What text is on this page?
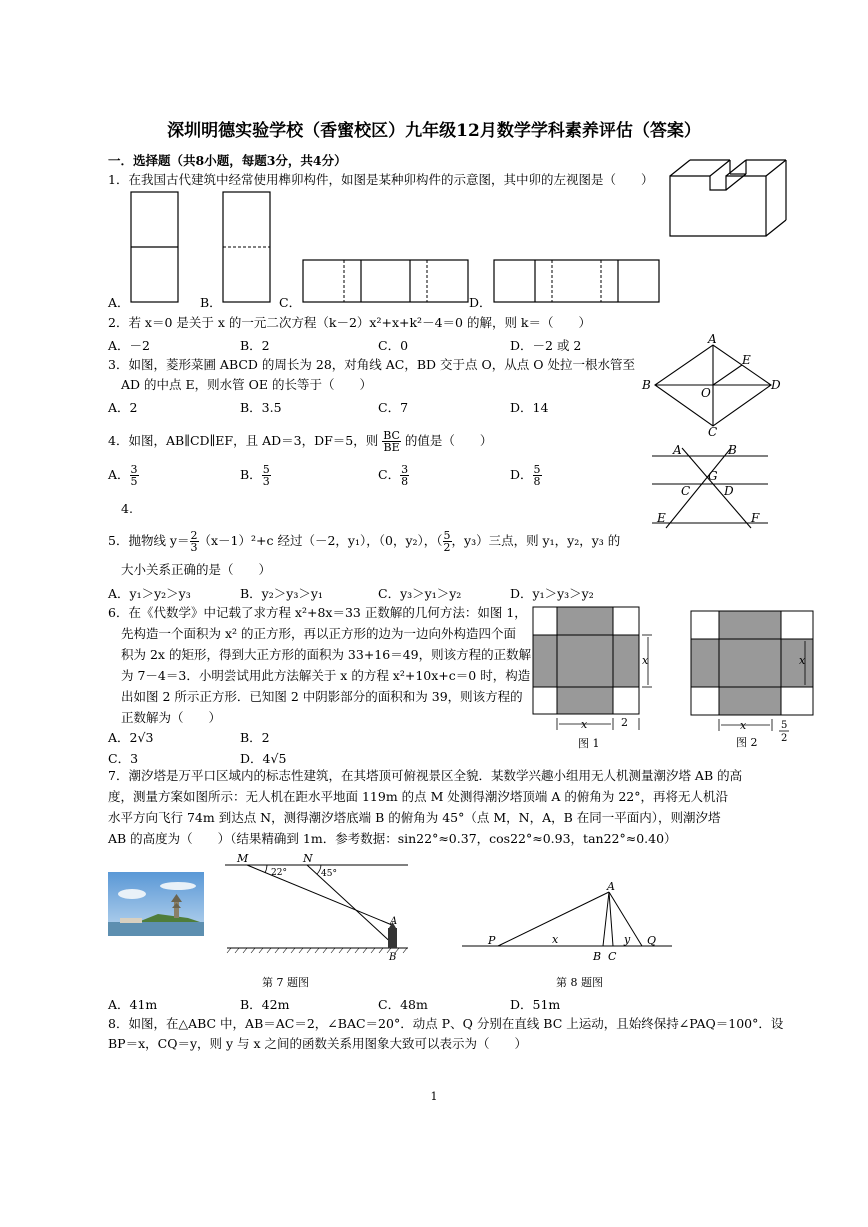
深圳明德实验学校（香蜜校区）九年级12月数学学科素养评估（答案）
一．选择题（共8小题，每题3分，共4分）
1．在我国古代建筑中经常使用榫卯构件，如图是某种卯构件的示意图，其中卯的左视图是（　　）
A．	B．	C．	D．
2．若 x＝0 是关于 x 的一元二次方程（k－2）x²+x+k²－4＝0 的解，则 k＝（　　）
A．－2	B．2	C．0	D．－2 或 2
3．如图，菱形菜圃 ABCD 的周长为 28，对角线 AC，BD 交于点 O，从点 O 处拉一根水管至
AD 的中点 E，则水管 OE 的长等于（　　）
A．2	B．3.5	C．7	D．14
A
B	D
C
E
O
4．如图，AB∥CD∥EF，且 AD＝3，DF＝5，则 $\frac{BC}{BE}$ 的值是（　　）
A． $\frac{3}{5}$	B． $\frac{5}{3}$	C． $\frac{3}{8}$	D． $\frac{5}{8}$
4.
A	B
G
C	D
E	F
5．抛物线 $y= \frac{2}{3} (x-1)^2+c$ 经过（－2，y₁），（0，y₂），（ $\frac{5}{2}$ ，y₃）三点，则 y₁，y₂，y₃ 的
大小关系正确的是（　　）
A．y₁＞y₂＞y₃	B．y₂＞y₃＞y₁	C．y₃＞y₁＞y₂	D．y₁＞y₃＞y₂
6．在《代数学》中记载了求方程 x²+8x＝33 正数解的几何方法：如图 1，
先构造一个面积为 x² 的正方形，再以正方形的边为一边向外构造四个面
积为 2x 的矩形，得到大正方形的面积为 33+16＝49，则该方程的正数解
为 7－4＝3．小明尝试用此方法解关于 x 的方程 x²+10x+c＝0 时，构造
出如图 2 所示正方形．已知图 2 中阴影部分的面积和为 39，则该方程的
正数解为（　　）
A．2√3	B．2
C．3	D．4√5
x
x	2
图 1
x
x	5
2
图 2
7．潮汐塔是万平口区域内的标志性建筑，在其塔顶可俯视景区全貌．某数学兴趣小组用无人机测量潮汐塔 AB 的高
度，测量方案如图所示：无人机在距水平地面 119m 的点 M 处测得潮汐塔顶端 A 的俯角为 22°，再将无人机沿
水平方向飞行 74m 到达点 N，测得潮汐塔底端 B 的俯角为 45°（点 M，N，A，B 在同一平面内），则潮汐塔
AB 的高度为（　　）（结果精确到 1m．参考数据：sin22°≈0.37，cos22°≈0.93，tan22°≈0.40）
M	N
22°	45°
A
B
第 7 题图
A
P	x	y Q
B C
第 8 题图
A．41m	B．42m	C．48m	D．51m
8．如图，在△ABC 中，AB＝AC＝2，∠BAC＝20°．动点 P、Q 分别在直线 BC 上运动，且始终保持∠PAQ＝100°．设
BP＝x，CQ＝y，则 y 与 x 之间的函数关系用图象大致可以表示为（　　）
1
